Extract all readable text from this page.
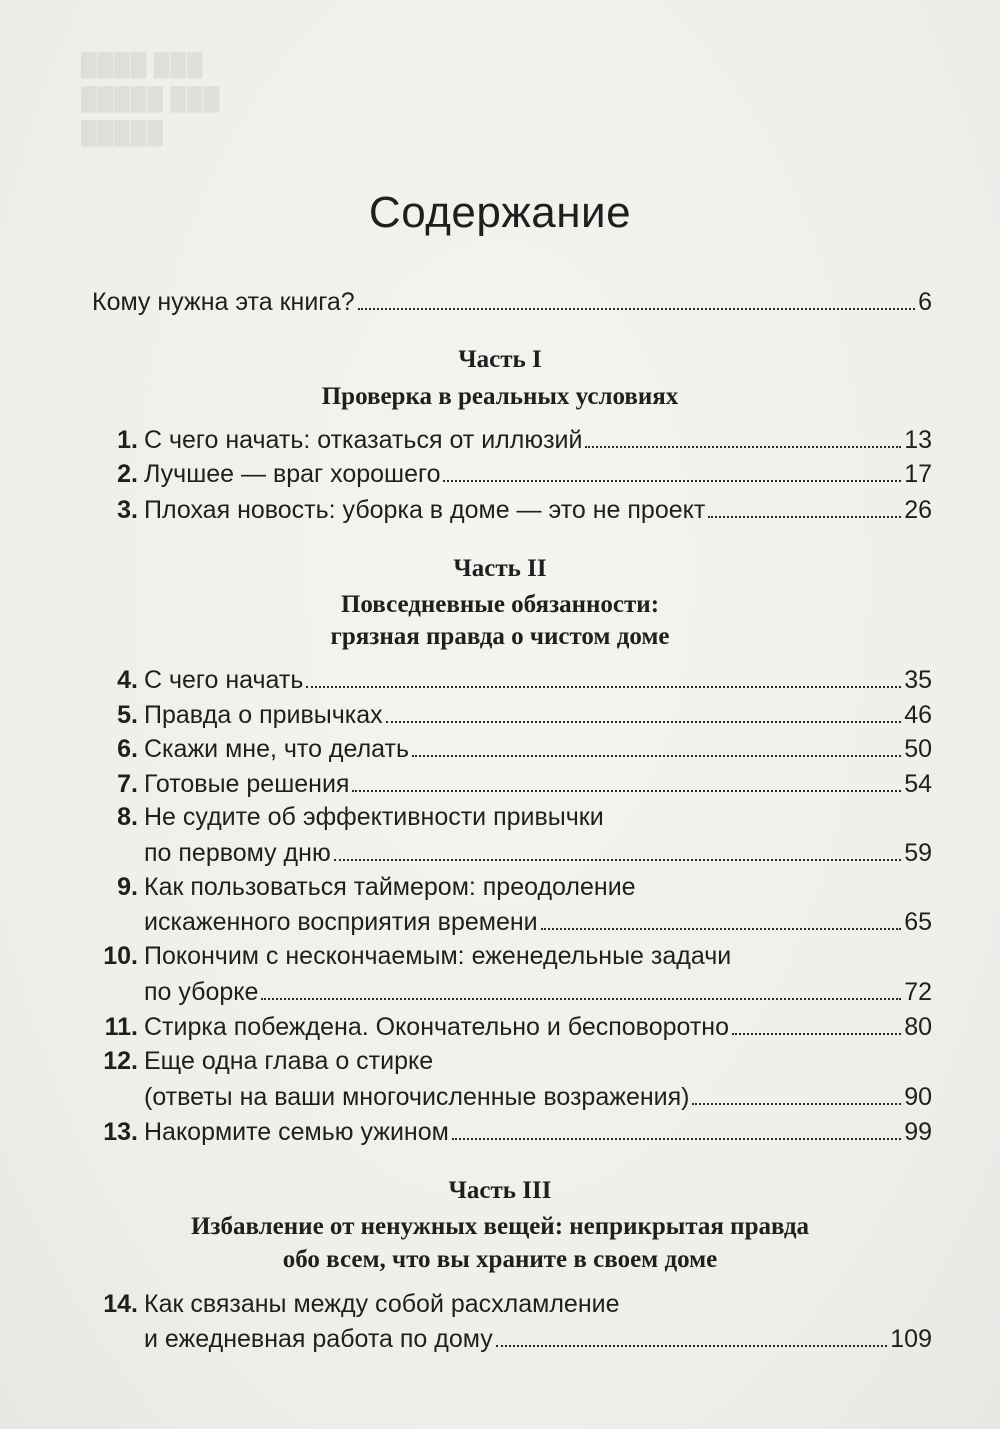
███ ████
███ █████
█████
Содержание
Кому нужна эта книга?	6
Часть I
Проверка в реальных условиях
1. С чего начать: отказаться от иллюзий	13
2. Лучшее — враг хорошего	17
3. Плохая новость: уборка в доме — это не проект	26
Часть II
Повседневные обязанности:
грязная правда о чистом доме
4. С чего начать	35
5. Правда о привычках	46
6. Скажи мне, что делать	50
7. Готовые решения	54
8. Не судите об эффективности привычки
по первому дню	59
9. Как пользоваться таймером: преодоление
искаженного восприятия времени	65
10. Покончим с нескончаемым: еженедельные задачи
по уборке	72
11. Стирка побеждена. Окончательно и бесповоротно	80
12. Еще одна глава о стирке
(ответы на ваши многочисленные возражения)	90
13. Накормите семью ужином	99
Часть III
Избавление от ненужных вещей: неприкрытая правда
обо всем, что вы храните в своем доме
14. Как связаны между собой расхламление
и ежедневная работа по дому	109
